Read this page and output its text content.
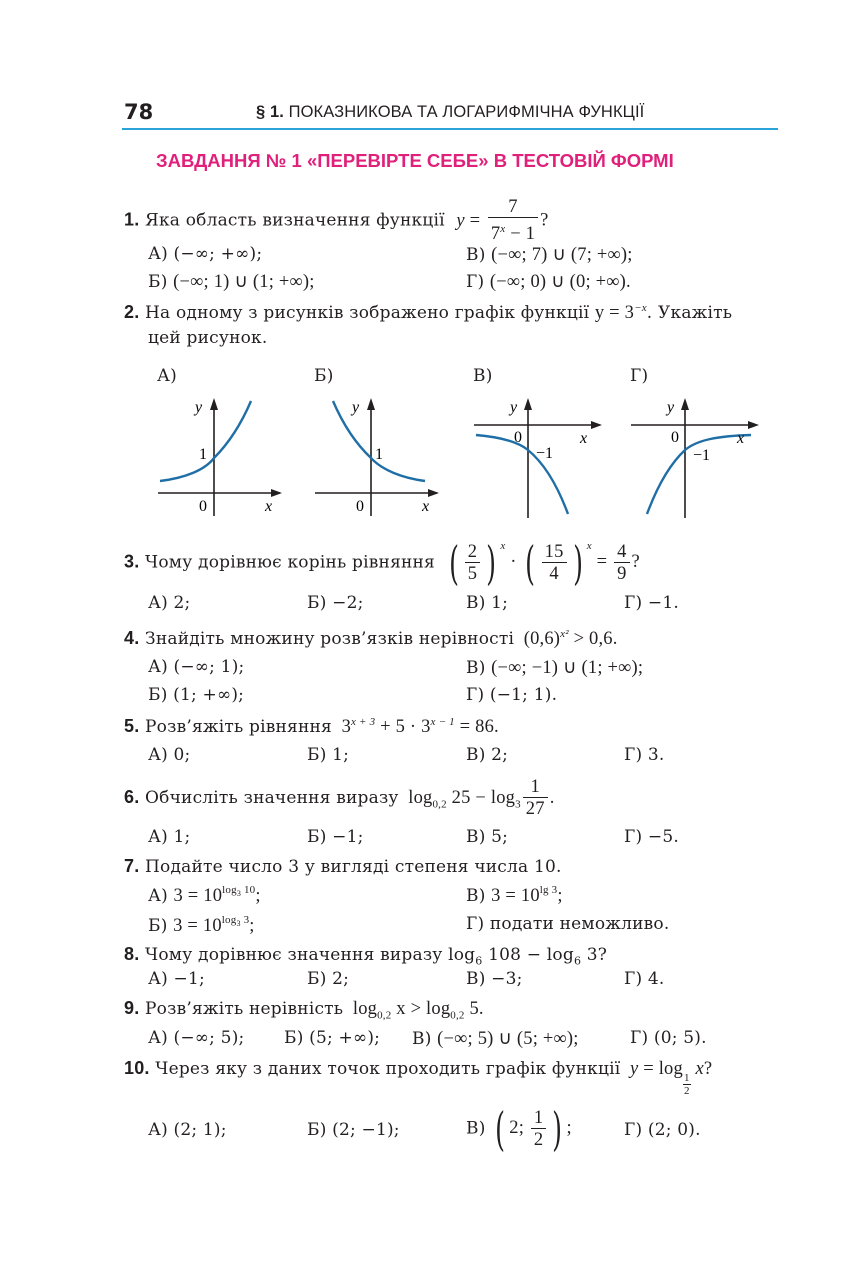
78	§ 1. ПОКАЗНИКОВА ТА ЛОГАРИФМІЧНА ФУНКЦІЇ
ЗАВДАННЯ № 1 «ПЕРЕВІРТЕ СЕБЕ» В ТЕСТОВІЙ ФОРМІ
1. Яка область визначення функції $y = \frac{7}{7^x - 1}$ ?
А) (−∞; +∞);	В) (−∞; 7) ∪ (7; +∞);
Б) (−∞; 1) ∪ (1; +∞);	Г) (−∞; 0) ∪ (0; +∞).
2. На одному з рисунків зображено графік функції $y = 3^{-x}$. Укажіть
цей рисунок.
А)	Б)	В)	Г)
y
1
0	x
y
1
0	x
y
0
−1
x
y
0
−1
x
3. Чому дорівнює корінь рівняння ( $\frac{2}{5}$ ) $^x$ · ( $\frac{15}{4}$ ) $^x = \frac{4}{9}$ ?
А) 2;	Б) −2;	В) 1;	Г) −1.
4. Знайдіть множину розв’язків нерівності $(0,6)^{x^2} > 0,6$.
А) (−∞; 1);	В) (−∞; −1) ∪ (1; +∞);
Б) (1; +∞);	Г) (−1; 1).
5. Розв’яжіть рівняння $3^{x + 3} + 5 \cdot 3^{x - 1} = 86$.
А) 0;	Б) 1;	В) 2;	Г) 3.
6. Обчисліть значення виразу $\log_{0,2} 25 - \log_3 \frac{1}{27}$ .
А) 1;	Б) −1;	В) 5;	Г) −5.
7. Подайте число 3 у вигляді степеня числа 10.
А) $3 = 10^{log_3 10}$;	В) $3 = 10^{lg 3}$;
Б) $3 = 10^{log_3 3}$;	Г) подати неможливо.
8. Чому дорівнює значення виразу $\log_6 108 - \log_6 3$?
А) −1;	Б) 2;	В) −3;	Г) 4.
9. Розв’яжіть нерівність $\log_{0,2} x > \log_{0,2} 5$.
А) (−∞; 5); Б) (5; +∞); В) (−∞; 5) ∪ (5; +∞);	Г) (0; 5).
10. Через яку з даних точок проходить графік функції y = log
$\frac{1}{2}$
x?
А) (2; 1);	Б) (2; −1);	В) ( 2; $\frac{1}{2}$ ) ;	Г) (2; 0).
